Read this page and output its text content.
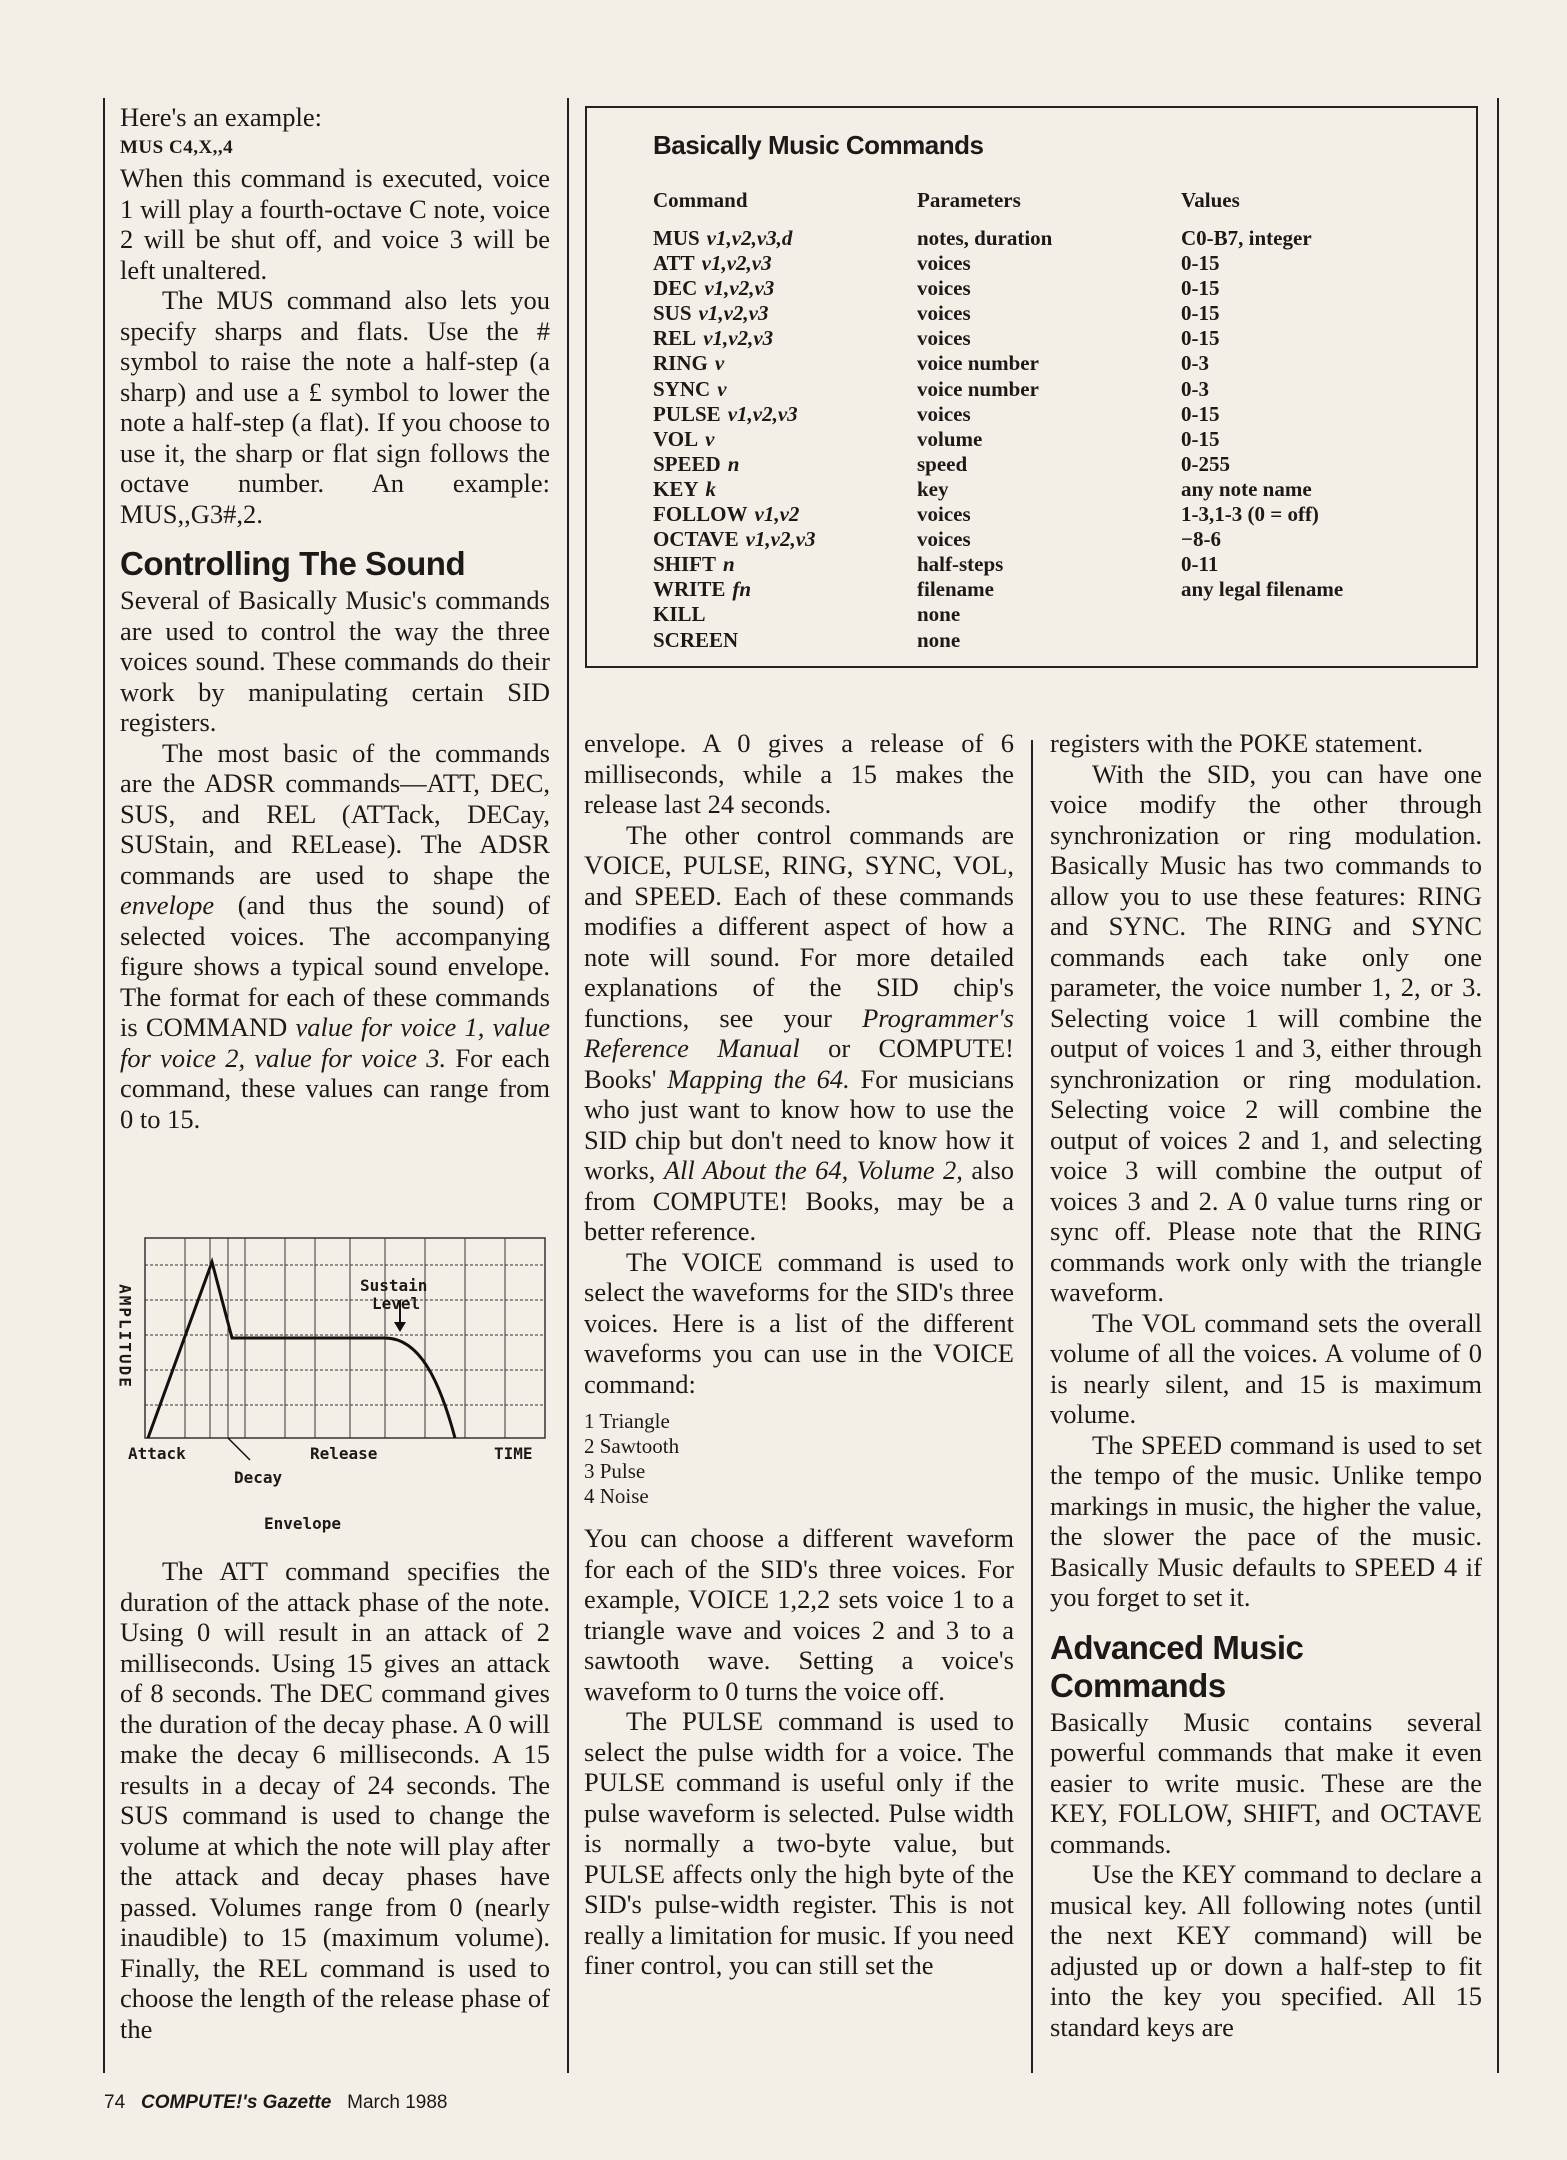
Here's an example:

MUS C4,X,,4

When this command is executed, voice 1 will play a fourth-octave C note, voice 2 will be shut off, and voice 3 will be left unaltered.

The MUS command also lets you specify sharps and flats. Use the # symbol to raise the note a half-step (a sharp) and use a £ symbol to lower the note a half-step (a flat). If you choose to use it, the sharp or flat sign follows the octave number. An example: MUS,,G3#,2.

Controlling The Sound

Several of Basically Music's commands are used to control the way the three voices sound. These commands do their work by manipulating certain SID registers.

The most basic of the commands are the ADSR commands—ATT, DEC, SUS, and REL (ATTack, DECay, SUStain, and RELease). The ADSR commands are used to shape the envelope (and thus the sound) of selected voices. The accompanying figure shows a typical sound envelope. The format for each of these commands is COMMAND value for voice 1, value for voice 2, value for voice 3. For each command, these values can range from 0 to 15.

AMPLITUDE	Sustain
Level
Attack	Release	TIME
Decay
Envelope

The ATT command specifies the duration of the attack phase of the note. Using 0 will result in an attack of 2 milliseconds. Using 15 gives an attack of 8 seconds. The DEC command gives the duration of the decay phase. A 0 will make the decay 6 milliseconds. A 15 results in a decay of 24 seconds. The SUS command is used to change the volume at which the note will play after the attack and decay phases have passed. Volumes range from 0 (nearly inaudible) to 15 (maximum volume). Finally, the REL command is used to choose the length of the release phase of the

Basically Music Commands
Command	Parameters	Values
MUS v1,v2,v3,d	notes, duration	C0-B7, integer
ATT v1,v2,v3	voices	0-15
DEC v1,v2,v3	voices	0-15
SUS v1,v2,v3	voices	0-15
REL v1,v2,v3	voices	0-15
RING v	voice number	0-3
SYNC v	voice number	0-3
PULSE v1,v2,v3	voices	0-15
VOL v	volume	0-15
SPEED n	speed	0-255
KEY k	key	any note name
FOLLOW v1,v2	voices	1-3,1-3 (0 = off)
OCTAVE v1,v2,v3	voices	−8-6
SHIFT n	half-steps	0-11
WRITE fn	filename	any legal filename
KILL	none
SCREEN	none

envelope. A 0 gives a release of 6 milliseconds, while a 15 makes the release last 24 seconds.

The other control commands are VOICE, PULSE, RING, SYNC, VOL, and SPEED. Each of these commands modifies a different aspect of how a note will sound. For more detailed explanations of the SID chip's functions, see your Programmer's Reference Manual or COMPUTE! Books' Mapping the 64. For musicians who just want to know how to use the SID chip but don't need to know how it works, All About the 64, Volume 2, also from COMPUTE! Books, may be a better reference.

The VOICE command is used to select the waveforms for the SID's three voices. Here is a list of the different waveforms you can use in the VOICE command:

1 Triangle
2 Sawtooth
3 Pulse
4 Noise

You can choose a different waveform for each of the SID's three voices. For example, VOICE 1,2,2 sets voice 1 to a triangle wave and voices 2 and 3 to a sawtooth wave. Setting a voice's waveform to 0 turns the voice off.

The PULSE command is used to select the pulse width for a voice. The PULSE command is useful only if the pulse waveform is selected. Pulse width is normally a two-byte value, but PULSE affects only the high byte of the SID's pulse-width register. This is not really a limitation for music. If you need finer control, you can still set the

registers with the POKE statement.

With the SID, you can have one voice modify the other through synchronization or ring modulation. Basically Music has two commands to allow you to use these features: RING and SYNC. The RING and SYNC commands each take only one parameter, the voice number 1, 2, or 3. Selecting voice 1 will combine the output of voices 1 and 3, either through synchronization or ring modulation. Selecting voice 2 will combine the output of voices 2 and 1, and selecting voice 3 will combine the output of voices 3 and 2. A 0 value turns ring or sync off. Please note that the RING commands work only with the triangle waveform.

The VOL command sets the overall volume of all the voices. A volume of 0 is nearly silent, and 15 is maximum volume.

The SPEED command is used to set the tempo of the music. Unlike tempo markings in music, the higher the value, the slower the pace of the music. Basically Music defaults to SPEED 4 if you forget to set it.

Advanced Music Commands

Basically Music contains several powerful commands that make it even easier to write music. These are the KEY, FOLLOW, SHIFT, and OCTAVE commands.

Use the KEY command to declare a musical key. All following notes (until the next KEY command) will be adjusted up or down a half-step to fit into the key you specified. All 15 standard keys are

74 COMPUTE!'s Gazette March 1988
